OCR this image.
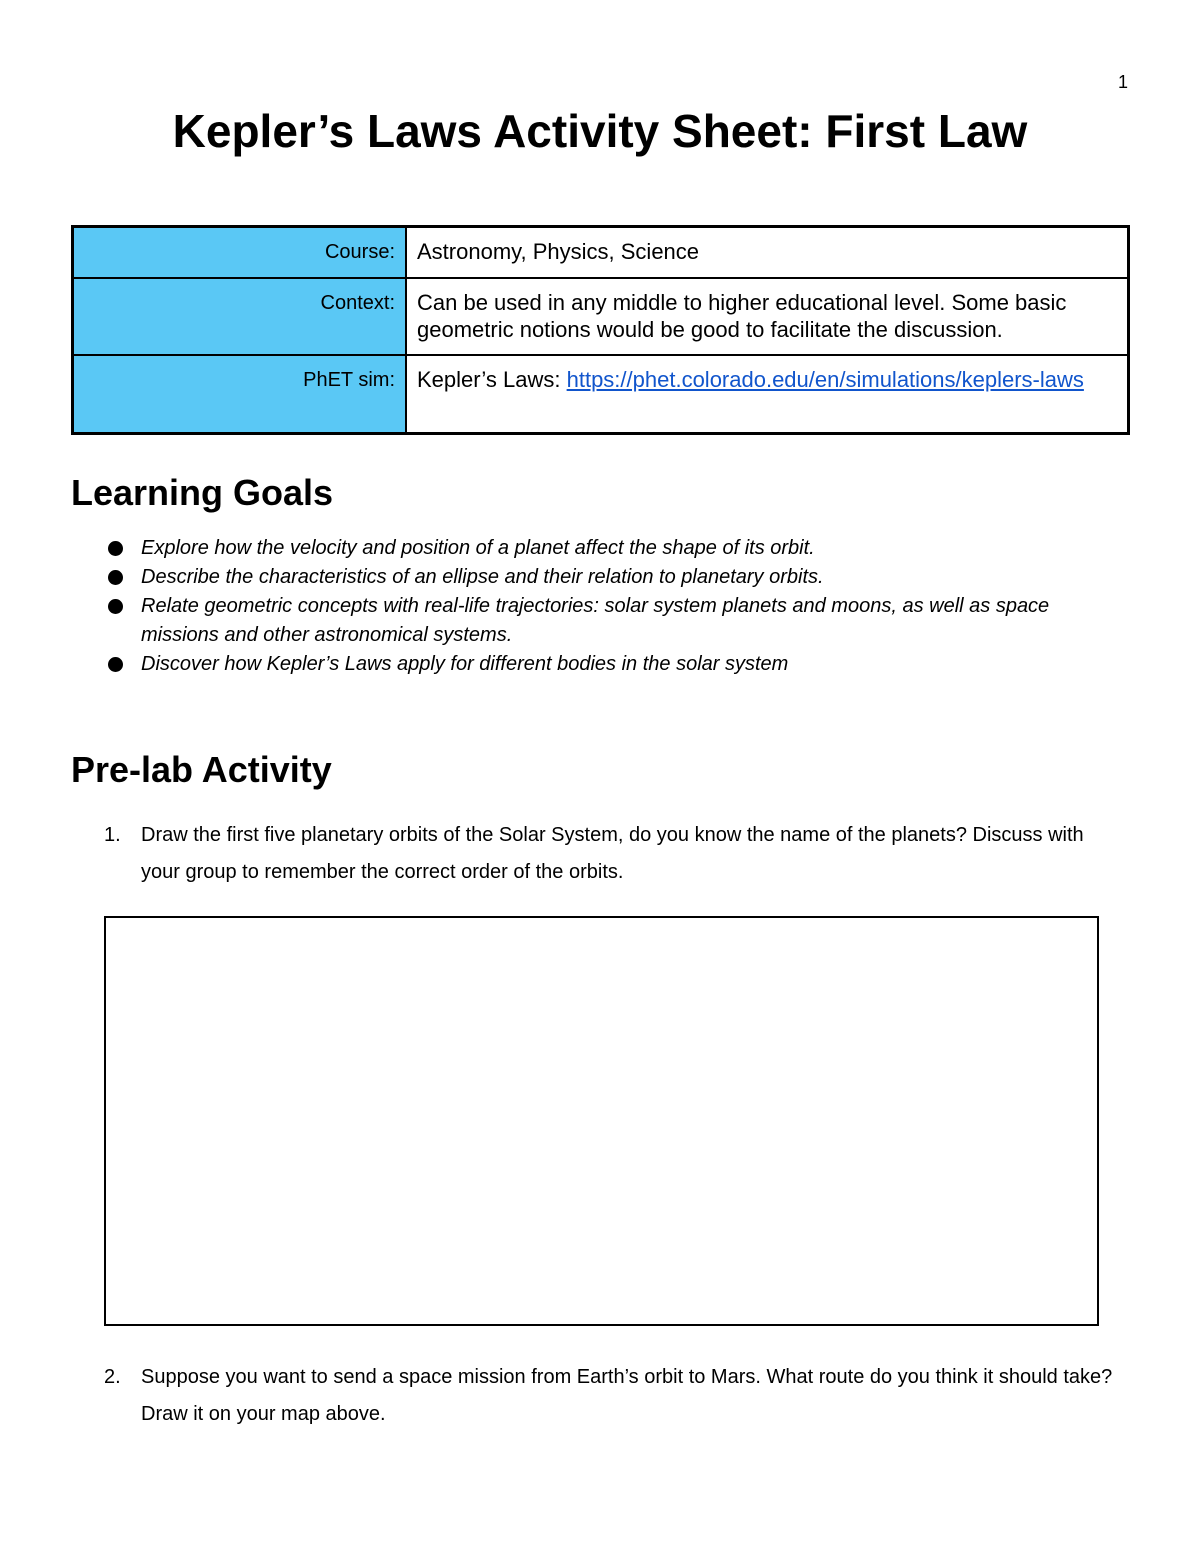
1
Kepler’s Laws Activity Sheet: First Law
Course:	Astronomy, Physics, Science
Context:	Can be used in any middle to higher educational level. Some basic geometric notions would be good to facilitate the discussion.
PhET sim:	Kepler’s Laws: https://phet.colorado.edu/en/simulations/keplers-laws
Learning Goals
Explore how the velocity and position of a planet affect the shape of its orbit.
Describe the characteristics of an ellipse and their relation to planetary orbits.
Relate geometric concepts with real-life trajectories: solar system planets and moons, as well as space missions and other astronomical systems.
Discover how Kepler’s Laws apply for different bodies in the solar system
Pre-lab Activity
1.	Draw the first five planetary orbits of the Solar System, do you know the name of the planets? Discuss with your group to remember the correct order of the orbits.
2.	Suppose you want to send a space mission from Earth’s orbit to Mars. What route do you think it should take? Draw it on your map above.
